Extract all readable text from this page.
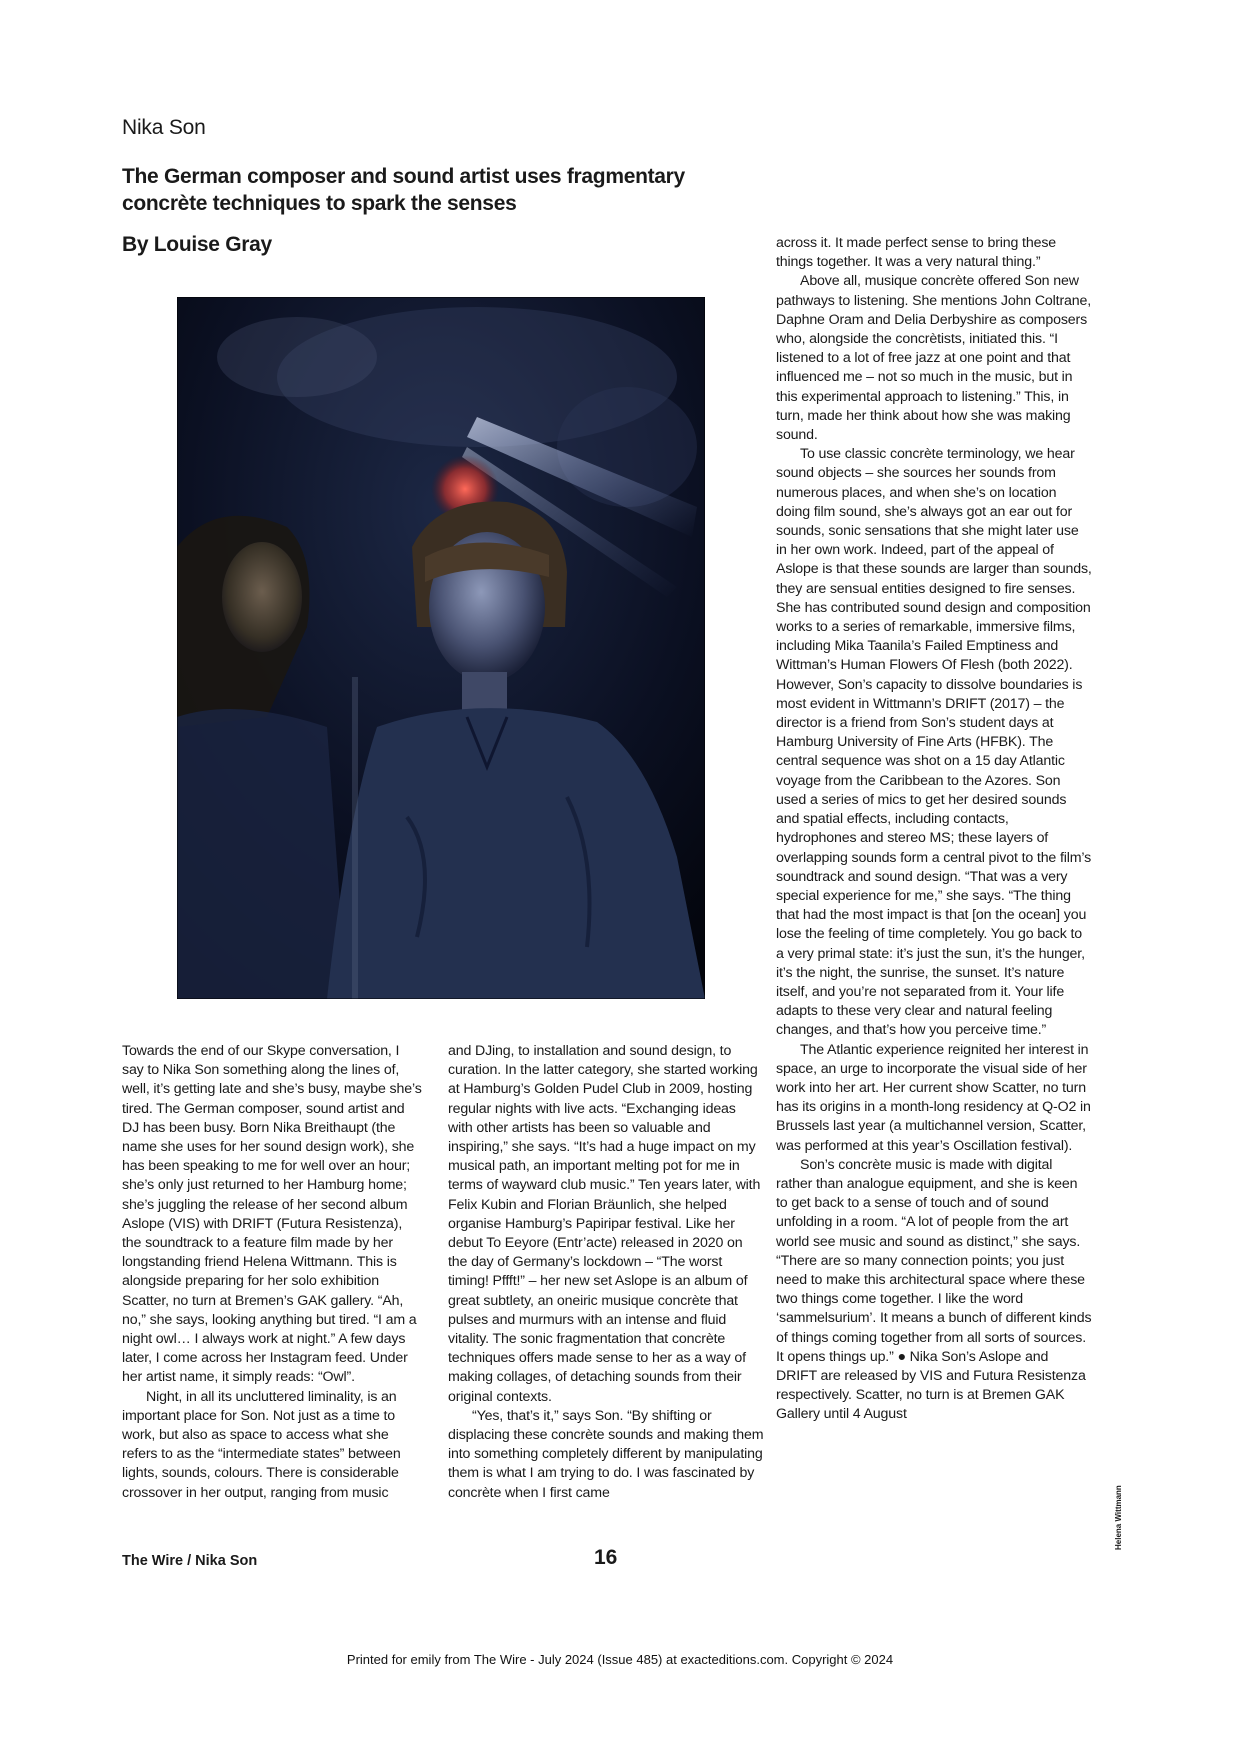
Nika Son
The German composer and sound artist uses fragmentary concrète techniques to spark the senses
By Louise Gray

Towards the end of our Skype conversation, I say to Nika Son something along the lines of, well, it’s getting late and she’s busy, maybe she’s tired. The German composer, sound artist and DJ has been busy. Born Nika Breithaupt (the name she uses for her sound design work), she has been speaking to me for well over an hour; she’s only just returned to her Hamburg home; she’s juggling the release of her second album Aslope (VIS) with DRIFT (Futura Resistenza), the soundtrack to a feature film made by her longstanding friend Helena Wittmann. This is alongside preparing for her solo exhibition Scatter, no turn at Bremen’s GAK gallery. “Ah, no,” she says, looking anything but tired. “I am a night owl… I always work at night.” A few days later, I come across her Instagram feed. Under her artist name, it simply reads: “Owl”.

Night, in all its uncluttered liminality, is an important place for Son. Not just as a time to work, but also as space to access what she refers to as the “intermediate states” between lights, sounds, colours. There is considerable crossover in her output, ranging from music

and DJing, to installation and sound design, to curation. In the latter category, she started working at Hamburg’s Golden Pudel Club in 2009, hosting regular nights with live acts. “Exchanging ideas with other artists has been so valuable and inspiring,” she says. “It’s had a huge impact on my musical path, an important melting pot for me in terms of wayward club music.” Ten years later, with Felix Kubin and Florian Bräunlich, she helped organise Hamburg’s Papiripar festival. Like her debut To Eeyore (Entr’acte) released in 2020 on the day of Germany’s lockdown – “The worst timing! Pffft!” – her new set Aslope is an album of great subtlety, an oneiric musique concrète that pulses and murmurs with an intense and fluid vitality. The sonic fragmentation that concrète techniques offers made sense to her as a way of making collages, of detaching sounds from their original contexts.

“Yes, that’s it,” says Son. “By shifting or displacing these concrète sounds and making them into something completely different by manipulating them is what I am trying to do. I was fascinated by concrète when I first came

across it. It made perfect sense to bring these things together. It was a very natural thing.”

Above all, musique concrète offered Son new pathways to listening. She mentions John Coltrane, Daphne Oram and Delia Derbyshire as composers who, alongside the concrètists, initiated this. “I listened to a lot of free jazz at one point and that influenced me – not so much in the music, but in this experimental approach to listening.” This, in turn, made her think about how she was making sound.

To use classic concrète terminology, we hear sound objects – she sources her sounds from numerous places, and when she’s on location doing film sound, she’s always got an ear out for sounds, sonic sensations that she might later use in her own work. Indeed, part of the appeal of Aslope is that these sounds are larger than sounds, they are sensual entities designed to fire senses. She has contributed sound design and composition works to a series of remarkable, immersive films, including Mika Taanila’s Failed Emptiness and Wittman’s Human Flowers Of Flesh (both 2022). However, Son’s capacity to dissolve boundaries is most evident in Wittmann’s DRIFT (2017) – the director is a friend from Son’s student days at Hamburg University of Fine Arts (HFBK). The central sequence was shot on a 15 day Atlantic voyage from the Caribbean to the Azores. Son used a series of mics to get her desired sounds and spatial effects, including contacts, hydrophones and stereo MS; these layers of overlapping sounds form a central pivot to the film’s soundtrack and sound design. “That was a very special experience for me,” she says. “The thing that had the most impact is that [on the ocean] you lose the feeling of time completely. You go back to a very primal state: it’s just the sun, it’s the hunger, it’s the night, the sunrise, the sunset. It’s nature itself, and you’re not separated from it. Your life adapts to these very clear and natural feeling changes, and that’s how you perceive time.”

The Atlantic experience reignited her interest in space, an urge to incorporate the visual side of her work into her art. Her current show Scatter, no turn has its origins in a month-long residency at Q-O2 in Brussels last year (a multichannel version, Scatter, was performed at this year’s Oscillation festival).

Son’s concrète music is made with digital rather than analogue equipment, and she is keen to get back to a sense of touch and of sound unfolding in a room. “A lot of people from the art world see music and sound as distinct,” she says. “There are so many connection points; you just need to make this architectural space where these two things come together. I like the word ‘sammelsurium’. It means a bunch of different kinds of things coming together from all sorts of sources. It opens things up.” ● Nika Son’s Aslope and DRIFT are released by VIS and Futura Resistenza respectively. Scatter, no turn is at Bremen GAK Gallery until 4 August

The Wire / Nika Son	16
Helena Wittmann
Printed for emily from The Wire - July 2024 (Issue 485) at exacteditions.com. Copyright © 2024
